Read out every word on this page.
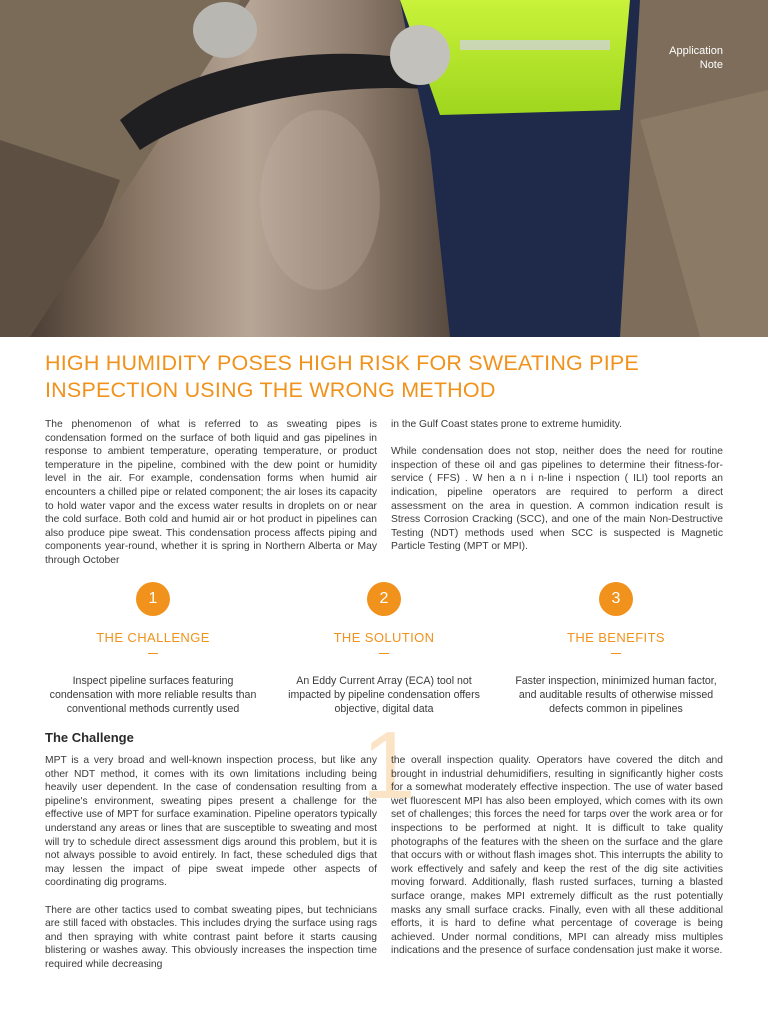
Application
Note
HIGH HUMIDITY POSES HIGH RISK FOR SWEATING PIPE
INSPECTION USING THE WRONG METHOD

The phenomenon of what is referred to as sweating pipes is condensation formed on the surface of both liquid and gas pipelines in response to ambient temperature, operating temperature, or product temperature in the pipeline, combined with the dew point or humidity level in the air. For example, condensation forms when humid air encounters a chilled pipe or related component; the air loses its capacity to hold water vapor and the excess water results in droplets on or near the cold surface. Both cold and humid air or hot product in pipelines can also produce pipe sweat. This condensation process affects piping and components year-round, whether it is spring in Northern Alberta or May through October

in the Gulf Coast states prone to extreme humidity.

While condensation does not stop, neither does the need for routine inspection of these oil and gas pipelines to determine their fitness-for-service ( FFS) . W hen a n i n-line i nspection ( ILI) tool reports an indication, pipeline operators are required to perform a direct assessment on the area in question. A common indication result is Stress Corrosion Cracking (SCC), and one of the main Non-Destructive Testing (NDT) methods used when SCC is suspected is Magnetic Particle Testing (MPT or MPI).

1
THE CHALLENGE
Inspect pipeline surfaces featuring condensation with more reliable results than conventional methods currently used
2
THE SOLUTION
An Eddy Current Array (ECA) tool not impacted by pipeline condensation offers objective, digital data
3
THE BENEFITS
Faster inspection, minimized human factor, and auditable results of otherwise missed defects common in pipelines
1
The Challenge

MPT is a very broad and well-known inspection process, but like any other NDT method, it comes with its own limitations including being heavily user dependent. In the case of condensation resulting from a pipeline's environment, sweating pipes present a challenge for the effective use of MPT for surface examination. Pipeline operators typically understand any areas or lines that are susceptible to sweating and most will try to schedule direct assessment digs around this problem, but it is not always possible to avoid entirely. In fact, these scheduled digs that may lessen the impact of pipe sweat impede other aspects of coordinating dig programs.

There are other tactics used to combat sweating pipes, but technicians are still faced with obstacles. This includes drying the surface using rags and then spraying with white contrast paint before it starts causing blistering or washes away. This obviously increases the inspection time required while decreasing

the overall inspection quality. Operators have covered the ditch and brought in industrial dehumidifiers, resulting in significantly higher costs for a somewhat moderately effective inspection. The use of water based wet fluorescent MPI has also been employed, which comes with its own set of challenges; this forces the need for tarps over the work area or for inspections to be performed at night. It is difficult to take quality photographs of the features with the sheen on the surface and the glare that occurs with or without flash images shot. This interrupts the ability to work effectively and safely and keep the rest of the dig site activities moving forward. Additionally, flash rusted surfaces, turning a blasted surface orange, makes MPI extremely difficult as the rust potentially masks any small surface cracks. Finally, even with all these additional efforts, it is hard to define what percentage of coverage is being achieved. Under normal conditions, MPI can already miss multiples indications and the presence of surface condensation just make it worse.
